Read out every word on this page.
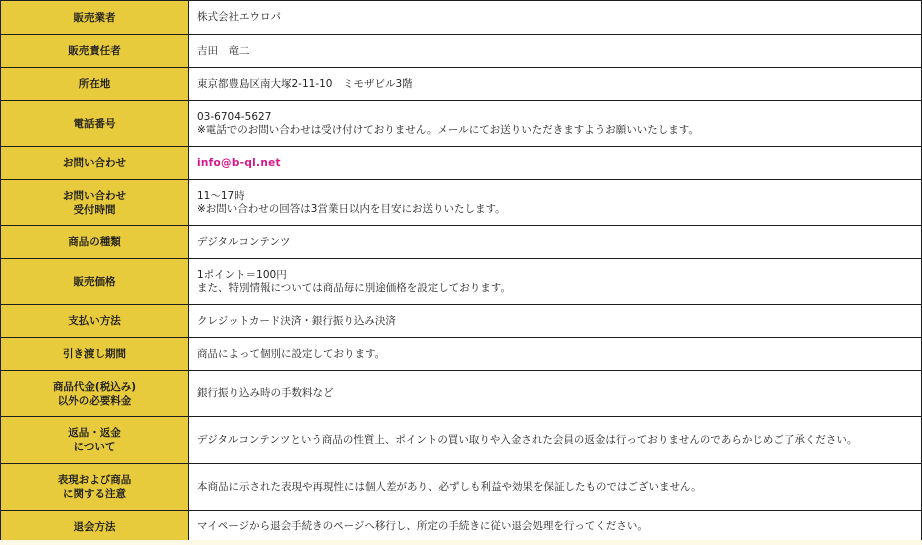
販売業者	株式会社エウロパ

販売責任者	吉田　竜二

所在地	東京都豊島区南大塚2-11-10　ミモザビル3階

電話番号	03-6704-5627
※電話でのお問い合わせは受け付けておりません。メールにてお送りいただきますようお願いいたします。

お問い合わせ	info@b-ql.net

お問い合わせ
受付時間	11～17時
※お問い合わせの回答は3営業日以内を目安にお送りいたします。

商品の種類	デジタルコンテンツ

販売価格	1ポイント＝100円
また、特別情報については商品毎に別途価格を設定しております。

支払い方法	クレジットカード決済・銀行振り込み決済

引き渡し期間	商品によって個別に設定しております。

商品代金(税込み)
以外の必要料金	銀行振り込み時の手数料など

返品・返金
について	デジタルコンテンツという商品の性質上、ポイントの買い取りや入金された会員の返金は行っておりませんのであらかじめご了承ください。

表現および商品
に関する注意	本商品に示された表現や再現性には個人差があり、必ずしも利益や効果を保証したものではございません。

退会方法	マイページから退会手続きのページへ移行し、所定の手続きに従い退会処理を行ってください。
